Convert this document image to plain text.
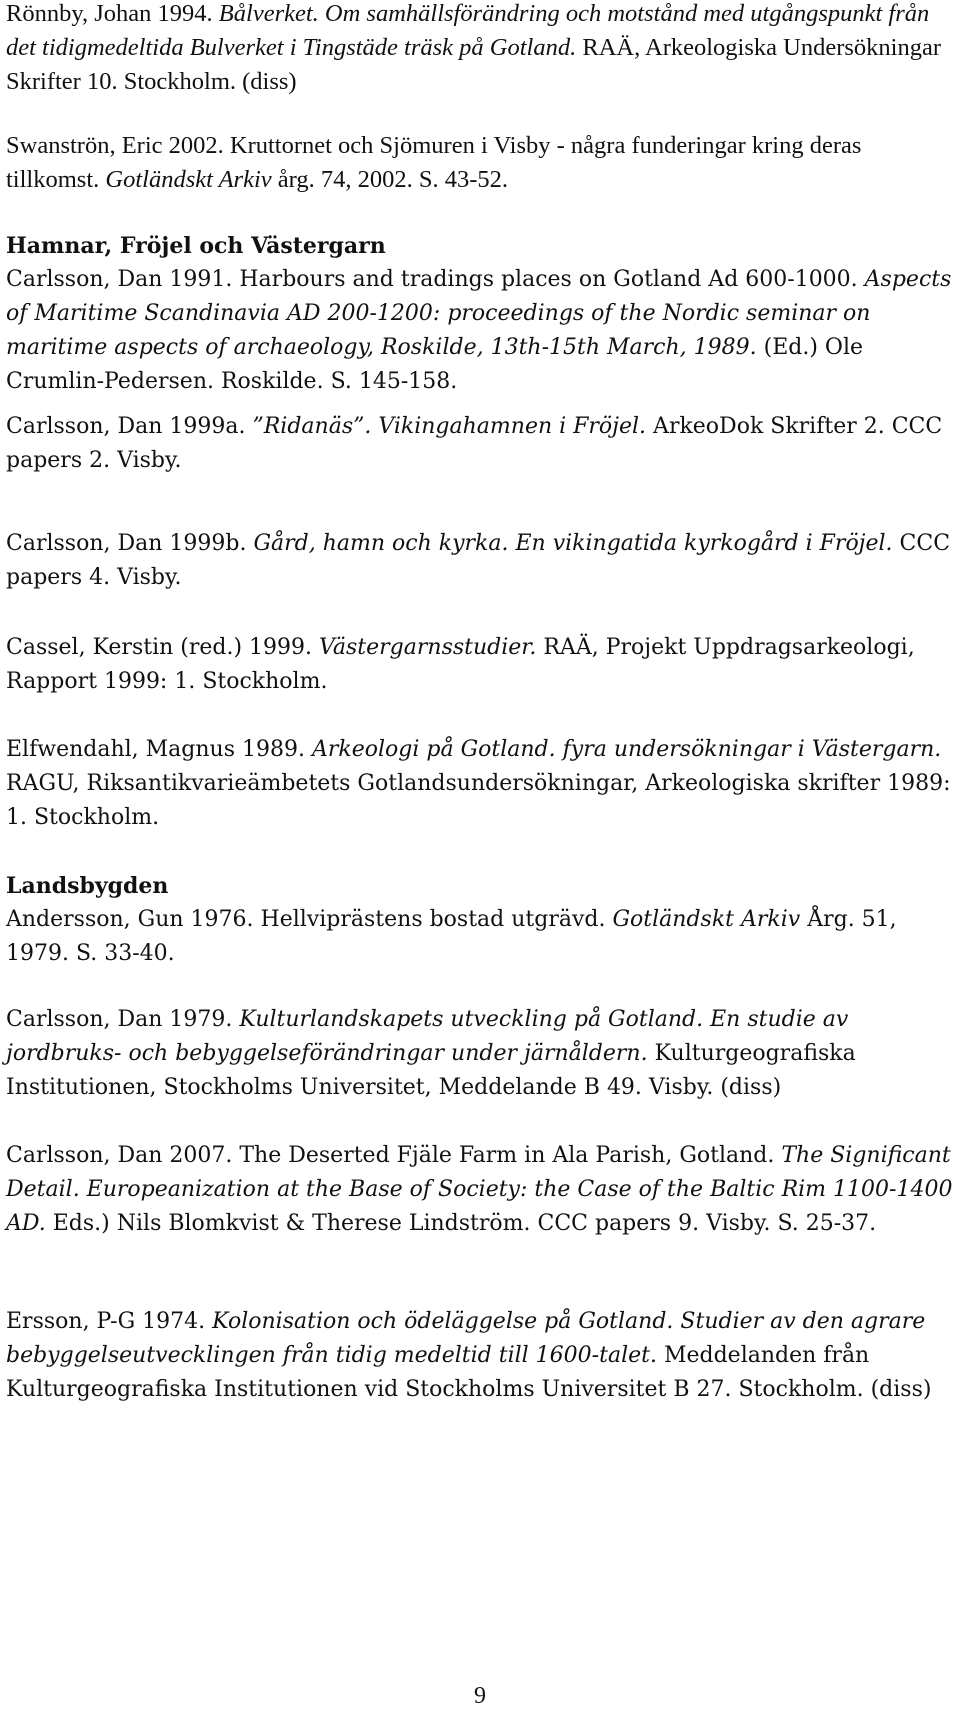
Rönnby, Johan 1994. Bålverket. Om samhällsförändring och motstånd med utgångspunkt från det tidigmedeltida Bulverket i Tingstäde träsk på Gotland. RAÄ, Arkeologiska Undersökningar Skrifter 10. Stockholm. (diss)

Swanströn, Eric 2002. Kruttornet och Sjömuren i Visby - några funderingar kring deras tillkomst. Gotländskt Arkiv årg. 74, 2002. S. 43-52.

Hamnar, Fröjel och Västergarn

Carlsson, Dan 1991. Harbours and tradings places on Gotland Ad 600-1000. Aspects of Maritime Scandinavia AD 200-1200: proceedings of the Nordic seminar on maritime aspects of archaeology, Roskilde, 13th-15th March, 1989. (Ed.) Ole Crumlin-Pedersen. Roskilde. S. 145-158.

Carlsson, Dan 1999a. ”Ridanäs”. Vikingahamnen i Fröjel. ArkeoDok Skrifter 2. CCC papers 2. Visby.

Carlsson, Dan 1999b. Gård, hamn och kyrka. En vikingatida kyrkogård i Fröjel. CCC papers 4. Visby.

Cassel, Kerstin (red.) 1999. Västergarnsstudier. RAÄ, Projekt Uppdragsarkeologi, Rapport 1999: 1. Stockholm.

Elfwendahl, Magnus 1989. Arkeologi på Gotland. fyra undersökningar i Västergarn. RAGU, Riksantikvarieämbetets Gotlandsundersökningar, Arkeologiska skrifter 1989: 1. Stockholm.

Landsbygden

Andersson, Gun 1976. Hellviprästens bostad utgrävd. Gotländskt Arkiv Årg. 51, 1979. S. 33-40.

Carlsson, Dan 1979. Kulturlandskapets utveckling på Gotland. En studie av jordbruks- och bebyggelseförändringar under järnåldern. Kulturgeografiska Institutionen, Stockholms Universitet, Meddelande B 49. Visby. (diss)

Carlsson, Dan 2007. The Deserted Fjäle Farm in Ala Parish, Gotland. The Significant Detail. Europeanization at the Base of Society: the Case of the Baltic Rim 1100-1400 AD. Eds.) Nils Blomkvist & Therese Lindström. CCC papers 9. Visby. S. 25-37.

Ersson, P-G 1974. Kolonisation och ödeläggelse på Gotland. Studier av den agrare bebyggelseutvecklingen från tidig medeltid till 1600-talet. Meddelanden från Kulturgeografiska Institutionen vid Stockholms Universitet B 27. Stockholm. (diss)

9
